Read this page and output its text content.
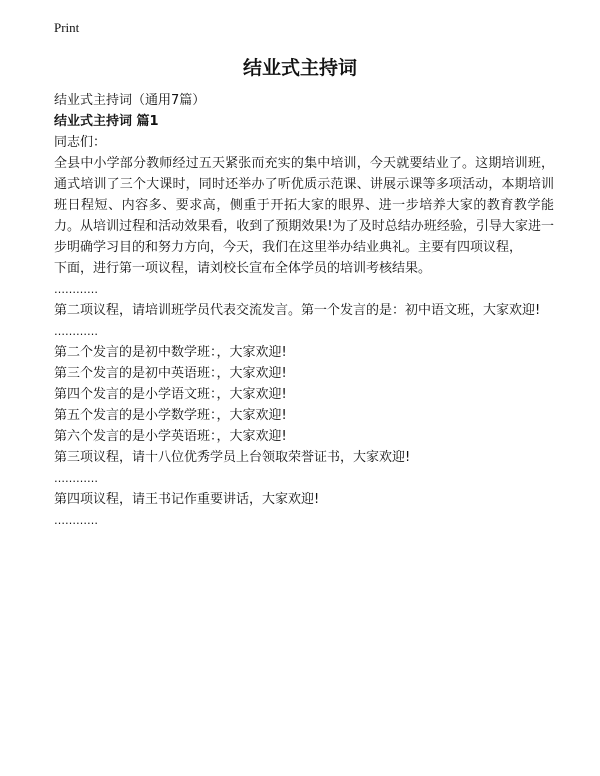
Print
结业式主持词

结业式主持词（通用7篇）

结业式主持词 篇1

同志们：

全县中小学部分教师经过五天紧张而充实的集中培训，今天就要结业了。这期培训班，通式培训了三个大课时，同时还举办了听优质示范课、讲展示课等多项活动，本期培训班日程短、内容多、要求高，侧重于开拓大家的眼界、进一步培养大家的教育教学能力。从培训过程和活动效果看，收到了预期效果!为了及时总结办班经验，引导大家进一步明确学习目的和努力方向，今天，我们在这里举办结业典礼。主要有四项议程，

下面，进行第一项议程，请刘校长宣布全体学员的培训考核结果。

…………

第二项议程，请培训班学员代表交流发言。第一个发言的是：初中语文班，大家欢迎!

…………

第二个发言的是初中数学班：，大家欢迎!

第三个发言的是初中英语班：，大家欢迎!

第四个发言的是小学语文班：，大家欢迎!

第五个发言的是小学数学班：，大家欢迎!

第六个发言的是小学英语班：，大家欢迎!

第三项议程，请十八位优秀学员上台领取荣誉证书，大家欢迎!

…………

第四项议程，请王书记作重要讲话，大家欢迎!

…………
